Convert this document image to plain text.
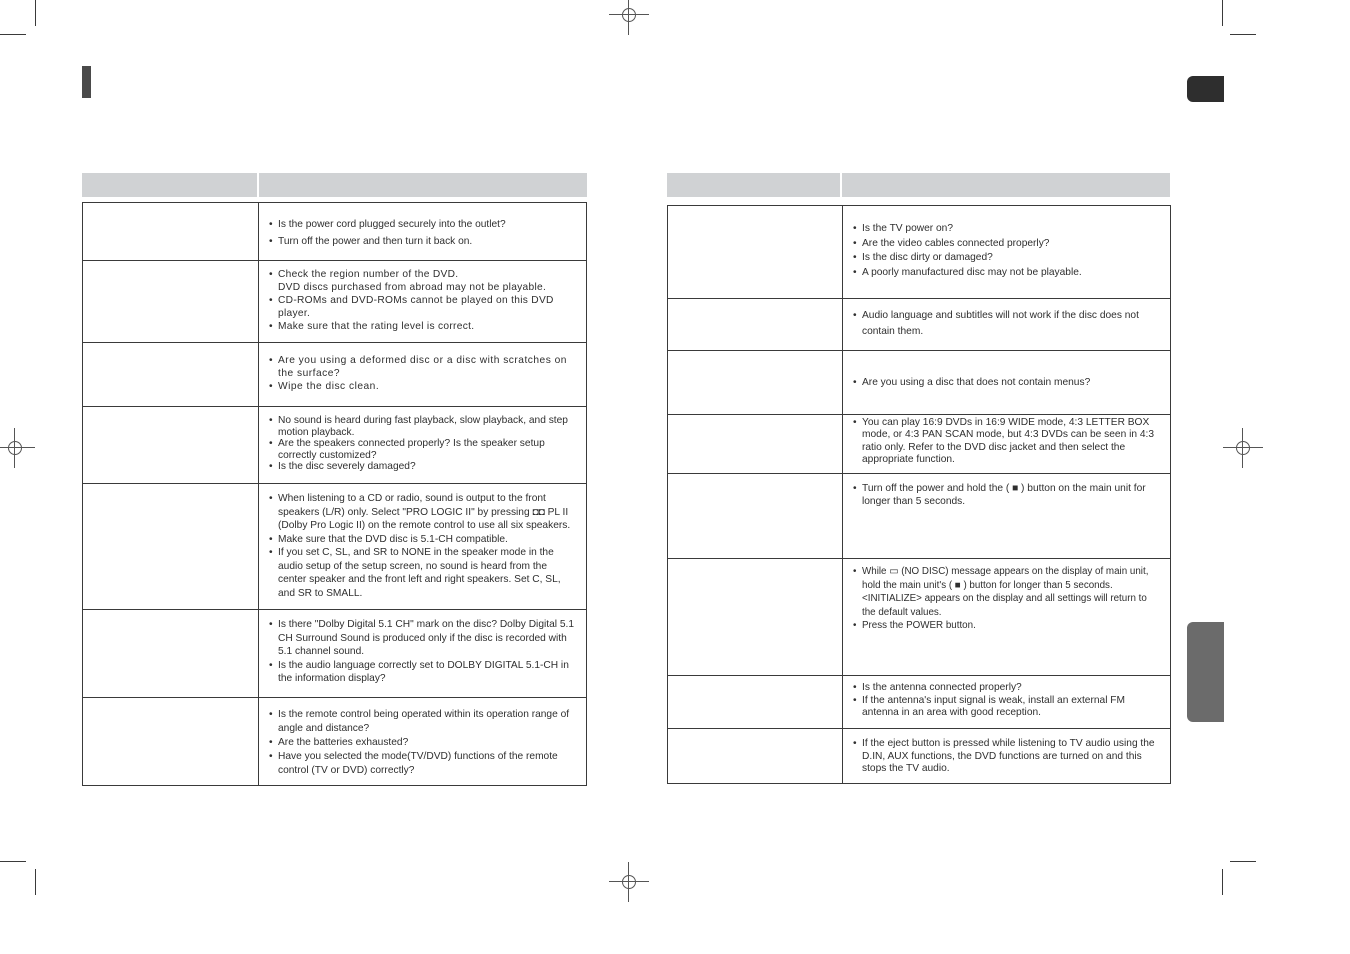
• Is the power cord plugged securely into the outlet?
• Turn off the power and then turn it back on.
• Check the region number of the DVD.
DVD discs purchased from abroad may not be playable.
• CD-ROMs and DVD-ROMs cannot be played on this DVD player.
• Make sure that the rating level is correct.
• Are you using a deformed disc or a disc with scratches on the surface?
• Wipe the disc clean.
• No sound is heard during fast playback, slow playback, and step motion playback.
• Are the speakers connected properly? Is the speaker setup correctly customized?
• Is the disc severely damaged?
• When listening to a CD or radio, sound is output to the front speakers (L/R) only. Select "PRO LOGIC II" by pressing ◘◘ PL II (Dolby Pro Logic II) on the remote control to use all six speakers.
• Make sure that the DVD disc is 5.1-CH compatible.
• If you set C, SL, and SR to NONE in the speaker mode in the audio setup of the setup screen, no sound is heard from the center speaker and the front left and right speakers. Set C, SL, and SR to SMALL.
• Is there "Dolby Digital 5.1 CH" mark on the disc? Dolby Digital 5.1 CH Surround Sound is produced only if the disc is recorded with 5.1 channel sound.
• Is the audio language correctly set to DOLBY DIGITAL 5.1-CH in the information display?
• Is the remote control being operated within its operation range of angle and distance?
• Are the batteries exhausted?
• Have you selected the mode(TV/DVD) functions of the remote control (TV or DVD) correctly?
• Is the TV power on?
• Are the video cables connected properly?
• Is the disc dirty or damaged?
• A poorly manufactured disc may not be playable.
• Audio language and subtitles will not work if the disc does not contain them.
• Are you using a disc that does not contain menus?
• You can play 16:9 DVDs in 16:9 WIDE mode, 4:3 LETTER BOX mode, or 4:3 PAN SCAN mode, but 4:3 DVDs can be seen in 4:3 ratio only. Refer to the DVD disc jacket and then select the appropriate function.
• Turn off the power and hold the ( ■ ) button on the main unit for longer than 5 seconds.
• While ▭ (NO DISC) message appears on the display of main unit, hold the main unit's ( ■ ) button for longer than 5 seconds. <INITIALIZE> appears on the display and all settings will return to the default values.
• Press the POWER button.
• Is the antenna connected properly?
• If the antenna's input signal is weak, install an external FM antenna in an area with good reception.
• If the eject button is pressed while listening to TV audio using the D.IN, AUX functions, the DVD functions are turned on and this stops the TV audio.
